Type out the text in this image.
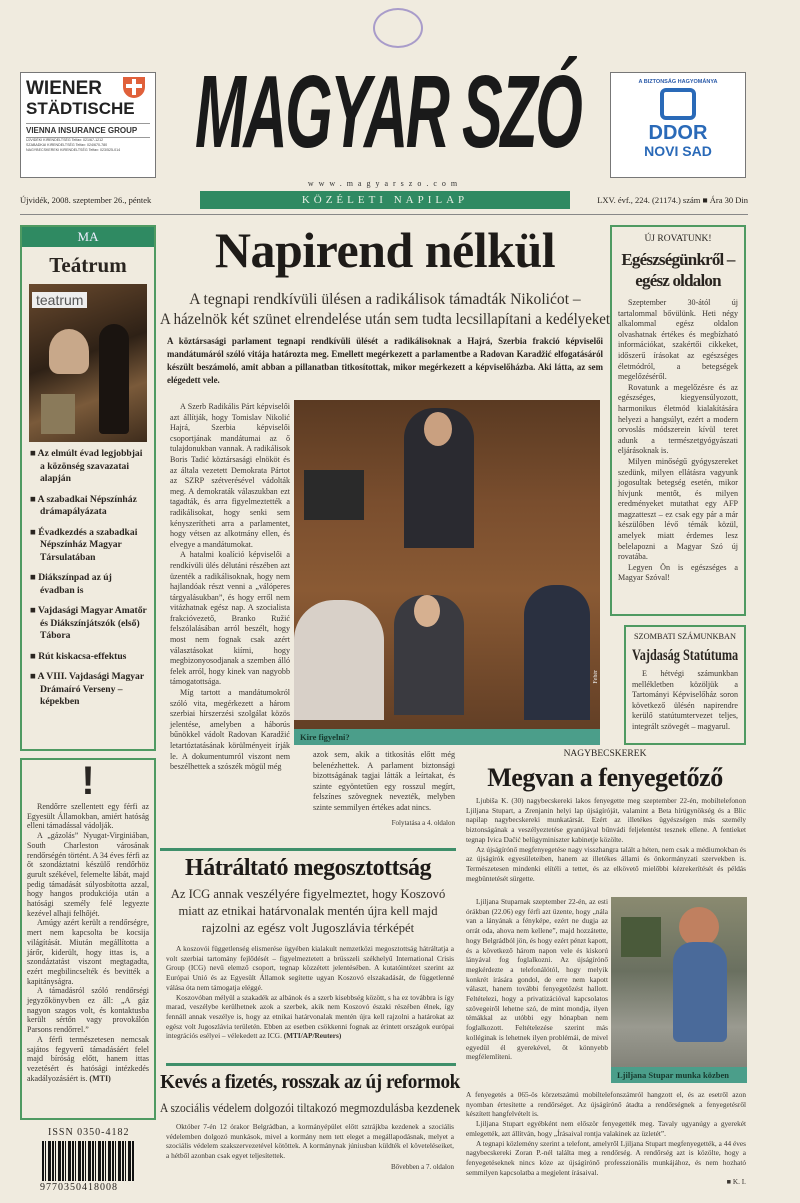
WIENER
STÄDTISCHE
VIENNA INSURANCE GROUP
ÚJVIDÉKI KIRENDELTSÉG Telfax: 021/67-1212
SZABADKAI KIRENDELTSÉG Telfax: 024/670-780
NAGYBECSKEREKI KIRENDELTSÉG Telfax: 023/525-014 MAGYAR SZÓ
www.magyarszo.com
KÖZÉLETI NAPILAP
Újvidék, 2008. szeptember 26., péntek	LXV. évf., 224. (21174.) szám ■ Ára 30 Din
A BIZTONSÁG HAGYOMÁNYA
DDOR
NOVI SAD
MA
Teátrum
teatrum
■ Az elmúlt évad legjobbjai a közönség szavazatai alapján
■ A szabadkai Népszínház drámapályázata
■ Évadkezdés a szabadkai Népszínház Magyar Társulatában
■ Diákszínpad az új évadban is
■ Vajdasági Magyar Amatőr és Diákszínjátszók (első) Tábora
■ Rút kiskacsa-effektus
■ A VIII. Vajdasági Magyar Drámaíró Verseny – képekben
!

Rendőrre szellentett egy férfi az Egyesült Államokban, amiért hatóság elleni támadással vádolják.

A „gázolás” Nyugat-Virginiában, South Charleston városának rendőrségén történt. A 34 éves férfi az őt szondáztatni készülő rendőrhöz gurult székével, felemelte lábát, majd pedig támadását súlyosbította azzal, hogy hangos produkciója után a hatósági személy felé legyezte kezével alhaji felhőjét.

Amúgy azért került a rendőrségre, mert nem kapcsolta be kocsija világítását. Miután megállította a járőr, kiderült, hogy ittas is, a szondáztatást viszont megtagadta, ezért megbilincselték és bevitték a kapitányságra.

A támadásról szóló rendőrségi jegyzőkönyvben ez áll: „A gáz nagyon szagos volt, és kontaktusba került sértőn vagy provokálón Parsons rendőrrel.”

A férfi természetesen nemcsak sajátos fegyverű támadásáért felel majd bíróság előtt, hanem ittas vezetésért és hatósági intézkedés akadályozásáért is. (MTI)

ISSN 0350-4182
9770350418008
Napirend nélkül
A tegnapi rendkívüli ülésen a radikálisok támadták Nikolićot –
A házelnök két szünet elrendelése után sem tudta lecsillapítani a kedélyeket
A köztársasági parlament tegnapi rendkívüli ülését a radikálisoknak a Hajrá, Szerbia frakció képviselői mandátumáról szóló vitája határozta meg. Emellett megérkezett a parlamentbe a Radovan Karadžić elfogatásáról készült beszámoló, amit abban a pillanatban titkosítottak, mikor megérkezett a képviselőházba. Aki látta, az sem elégedett vele.

A Szerb Radikális Párt képviselői azt állítják, hogy Tomislav Nikolić Hajrá, Szerbia képviselői csoportjának mandátumai az ő tulajdonukban vannak. A radikálisok Boris Tadić köztársasági elnököt és az általa vezetett Demokrata Pártot az SZRP szétverésével vádolták meg. A demokraták válaszukban ezt tagadták, és arra figyelmeztették a radikálisokat, hogy senki sem kényszerítheti arra a parlamentet, hogy vétsen az alkotmány ellen, és elvegye a mandátumokat.

A hatalmi koalíció képviselői a rendkívüli ülés délutáni részében azt üzenték a radikálisoknak, hogy nem hajlandóak részt venni a „válóperes tárgyalásukban”, és hogy erről nem vitázhatnak egész nap. A szocialista frakcióvezető, Branko Ružić felszólalásában arról beszélt, hogy most nem fognak csak azért választásokat kiírni, hogy megbizonyosodjanak a szemben álló felek arról, hogy kinek van nagyobb támogatottsága.

Míg tartott a mandátumokról szóló vita, megérkezett a három szerbiai hírszerzési szolgálat közös jelentése, amelyben a háborús bűnökkel vádolt Radovan Karadžić letartóztatásának körülményeit írják le. A dokumentumról viszont nem beszélhettek a szószék mögül még

Kire figyelni?
Fehér

azok sem, akik a titkosítás előtt még belenézhettek. A parlament biztonsági bizottságának tagjai látták a leírtakat, és szinte egyöntetűen egy rosszul megírt, felszínes szövegnek nevezték, melyben szinte semmilyen értékes adat nincs.

Folytatása a 4. oldalon
Hátráltató megosztottság
Az ICG annak veszélyére figyelmeztet, hogy Koszovó miatt az etnikai határvonalak mentén újra kell majd rajzolni az egész volt Jugoszlávia térképét

A koszovói függetlenség elismerése ügyében kialakult nemzetközi megosztottság hátráltatja a volt szerbiai tartomány fejlődését – figyelmeztetett a brüsszeli székhelyű International Crisis Group (ICG) nevű elemző csoport, tegnap közzétett jelentésében. A kutatóintézet szerint az Európai Unió és az Egyesült Államok segítette ugyan Koszovó elszakadását, de függetlenné válása óta nem támogatja eléggé.

Koszovóban mélyül a szakadék az albánok és a szerb kisebbség között, s ha ez továbbra is így marad, veszélybe kerülhetnek azok a szerbek, akik nem Koszovó északi részében élnek, így fennáll annak veszélye is, hogy az etnikai határvonalak mentén újra kell rajzolni a határokat az egész volt Jugoszlávia területén. Ebben az esetben csökkenni fognak az érintett országok európai integrációs esélyei – vélekedett az ICG. (MTI/AP/Reuters)

Kevés a fizetés, rosszak az új reformok
A szociális védelem dolgozói tiltakozó megmozdulásba kezdenek

Október 7-én 12 órakor Belgrádban, a kormányépület előtt sztrájkba kezdenek a szociális védelemben dolgozó munkások, mivel a kormány nem tett eleget a megállapodásnak, melyet a szociális védelem szakszervezetével kötöttek. A kormánynak júniusban küldték el követeléseiket, a hétből azonban csak egyet teljesítettek.

Bővebben a 7. oldalon
ÚJ ROVATUNK!
Egészségünkről – egész oldalon

Szeptember 30-ától új tartalommal bővülünk. Heti négy alkalommal egész oldalon olvashatnak értékes és megbízható információkat, szakértői cikkeket, időszerű írásokat az egészséges életmódról, a betegségek megelőzéséről.

Rovatunk a megelőzésre és az egészséges, kiegyensúlyozott, harmonikus életmód kialakítására helyezi a hangsúlyt, ezért a modern orvoslás módszerein kívül teret adunk a természetgyógyászati eljárásoknak is.

Milyen minőségű gyógyszereket szedünk, milyen ellátásra vagyunk jogosultak betegség esetén, mikor hívjunk mentőt, és milyen eredményeket mutathat egy AFP magzatteszt – ez csak egy pár a már készülőben lévő témák közül, amelyek miatt érdemes lesz belelapozni a Magyar Szó új rovatába.

Legyen Ön is egészséges a Magyar Szóval!

SZOMBATI SZÁMUNKBAN
Vajdaság Statútuma

E hétvégi számunkban mellékletben közöljük a Tartományi Képviselőház soron következő ülésén napirendre kerülő statútumtervezet teljes, integrált szövegét – magyarul.

NAGYBECSKEREK
Megvan a fenyegetőző

Ljubiša K. (30) nagybecskereki lakos fenyegette meg szeptember 22-én, mobiltelefonon Ljiljana Stupart, a Zrenjanin helyi lap újságíróját, valamint a Beta hírügynökség és a Blic napilap nagybecskereki munkatársát. Ezért az illetékes ügyészségen más személy biztonságának a veszélyeztetése gyanújával bűnvádi feljelentést tesznek ellene. A fentieket tegnap Ivica Dačić belügyminiszter kabinetje közölte.

Az újságírónő megfenyegetése nagy visszhangra talált a héten, nem csak a médiumokban és az újságírók egyesületeiben, hanem az illetékes állami és önkormányzati szervekben is. Természetesen mindenki elítéli a tettet, és az elkövető mielőbbi kézrekerítését és példás megbüntetését sürgette.

Ljiljana Stuparnak szeptember 22-én, az esti órákban (22.06) egy férfi azt üzente, hogy „nála van a lányának a fényképe, ezért ne dugja az orrát oda, ahova nem kellene”, majd hozzátette, hogy Belgrádból jön, és hogy ezért pénzt kapott, és a következő három napon vele és kiskorú lányával fog foglalkozni. Az újságírónő megkérdezte a telefonálótól, hogy melyik konkrét írására gondol, de erre nem kapott választ, hanem további fenyegetőzést hallott. Feltételezi, hogy a privatizációval kapcsolatos szövegeiről lehetne szó, de mint mondja, ilyen témákkal az utóbbi egy hónapban nem foglalkozott. Feltételezése szerint más kolléginak is lehetnek ilyen problémái, de mivel egyedül él gyerekével, őt könnyebb megfélemlíteni.

Ljiljana Stupar munka közben

A fenyegetés a 065-ös körzetszámú mobiltelefonszámról hangzott el, és az esetről azon nyomban értesítette a rendőrséget. Az újságírónő átadta a rendőrségnek a fenyegetésről készített hangfelvételt is.

Ljiljana Stupart egyébként nem először fenyegették meg. Tavaly ugyanúgy a gyerekét emlegették, azt állítván, hogy „Írásaival rontja valakinek az üzletét”.

A tegnapi közlemény szerint a telefont, amelyről Ljiljana Stupart megfenyegették, a 44 éves nagybecskereki Zoran P.-nél találta meg a rendőrség. A rendőrség azt is közölte, hogy a fenyegetéseknek nincs köze az újságírónő professzionális munkájához, és nem hozható semmilyen kapcsolatba a megjelent írásaival.

■ K. I.
